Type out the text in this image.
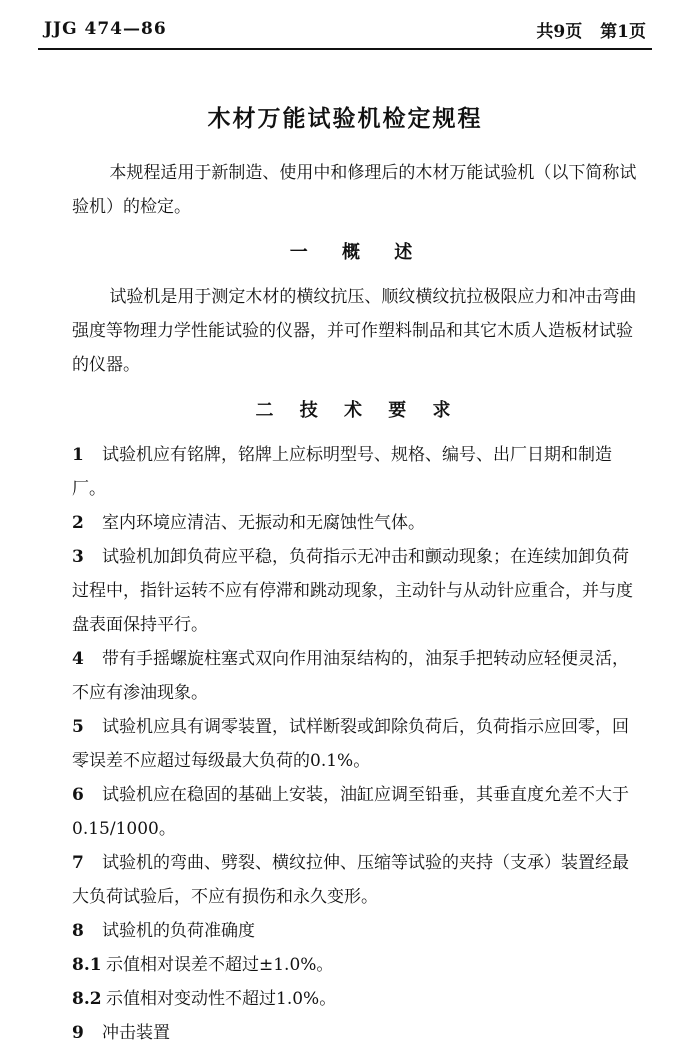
JJG 474—86	共9页 第1页
木材万能试验机检定规程

本规程适用于新制造、使用中和修理后的木材万能试验机（以下简称试验机）的检定。

一 概 述

试验机是用于测定木材的横纹抗压、顺纹横纹抗拉极限应力和冲击弯曲强度等物理力学性能试验的仪器，并可作塑料制品和其它木质人造板材试验的仪器。

二 技 术 要 求

1 试验机应有铭牌，铭牌上应标明型号、规格、编号、出厂日期和制造厂。

2 室内环境应清洁、无振动和无腐蚀性气体。

3 试验机加卸负荷应平稳，负荷指示无冲击和颤动现象；在连续加卸负荷过程中，指针运转不应有停滞和跳动现象，主动针与从动针应重合，并与度盘表面保持平行。

4 带有手摇螺旋柱塞式双向作用油泵结构的，油泵手把转动应轻便灵活，不应有渗油现象。

5 试验机应具有调零装置，试样断裂或卸除负荷后，负荷指示应回零，回零误差不应超过每级最大负荷的0.1%。

6 试验机应在稳固的基础上安装，油缸应调至铅垂，其垂直度允差不大于0.15/1000。

7 试验机的弯曲、劈裂、横纹拉伸、压缩等试验的夹持（支承）装置经最大负荷试验后，不应有损伤和永久变形。

8 试验机的负荷准确度

8.1 示值相对误差不超过±1.0%。

8.2 示值相对变动性不超过1.0%。

9 冲击装置
